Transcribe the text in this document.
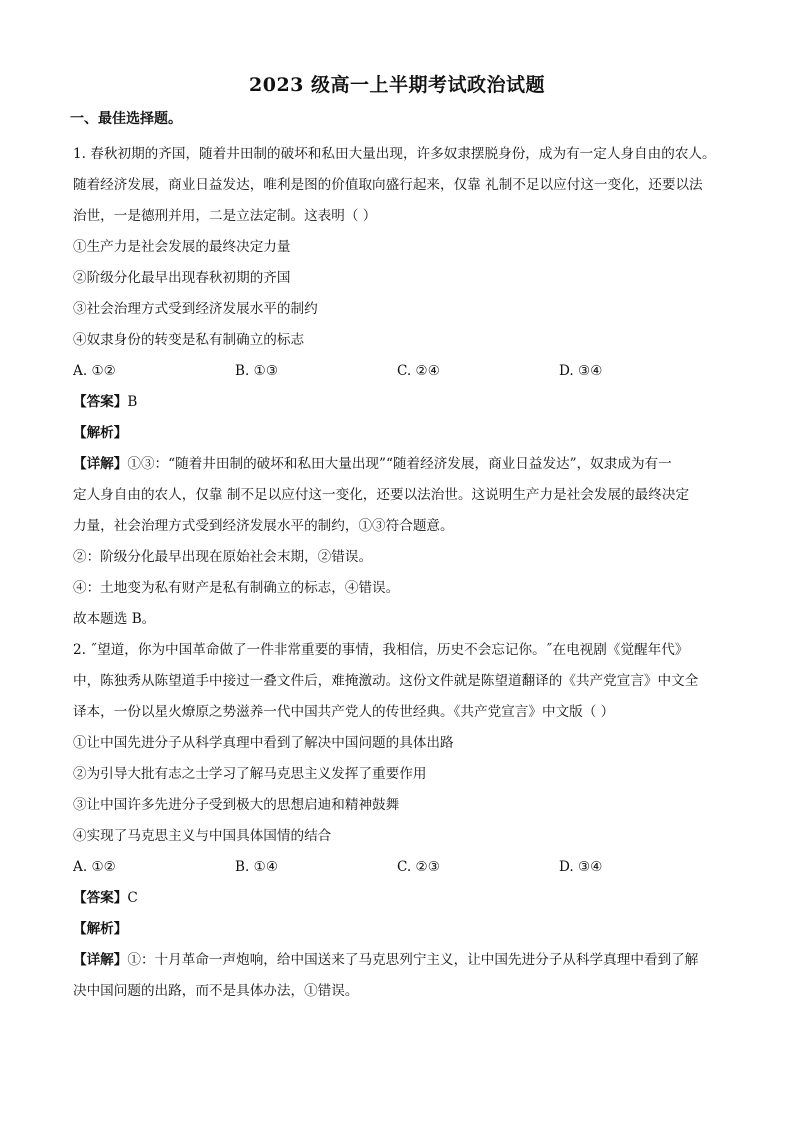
2023 级高一上半期考试政治试题
一、最佳选择题。
1. 春秋初期的齐国，随着井田制的破坏和私田大量出现，许多奴隶摆脱身份，成为有一定人身自由的农人。
随着经济发展，商业日益发达，唯利是图的价值取向盛行起来，仅靠 礼制不足以应付这一变化，还要以法
治世，一是德刑并用，二是立法定制。这表明（ ）
①生产力是社会发展的最终决定力量
②阶级分化最早出现春秋初期的齐国
③社会治理方式受到经济发展水平的制约
④奴隶身份的转变是私有制确立的标志
A. ①②	B. ①③	C. ②④	D. ③④
【答案】B
【解析】
【详解】①③：“随着井田制的破坏和私田大量出现”“随着经济发展，商业日益发达”，奴隶成为有一
定人身自由的农人，仅靠 制不足以应付这一变化，还要以法治世。这说明生产力是社会发展的最终决定
力量，社会治理方式受到经济发展水平的制约，①③符合题意。
②：阶级分化最早出现在原始社会末期，②错误。
④：土地变为私有财产是私有制确立的标志，④错误。
故本题选 B。
2. ˝望道，你为中国革命做了一件非常重要的事情，我相信，历史不会忘记你。˝在电视剧《觉醒年代》
中，陈独秀从陈望道手中接过一叠文件后，难掩激动。这份文件就是陈望道翻译的《共产党宣言》中文全
译本，一份以星火燎原之势滋养一代中国共产党人的传世经典。《共产党宣言》中文版（ ）
①让中国先进分子从科学真理中看到了解决中国问题的具体出路
②为引导大批有志之士学习了解马克思主义发挥了重要作用
③让中国许多先进分子受到极大的思想启迪和精神鼓舞
④实现了马克思主义与中国具体国情的结合
A. ①②	B. ①④	C. ②③	D. ③④
【答案】C
【解析】
【详解】①：十月革命一声炮响，给中国送来了马克思列宁主义，让中国先进分子从科学真理中看到了解
决中国问题的出路，而不是具体办法，①错误。
